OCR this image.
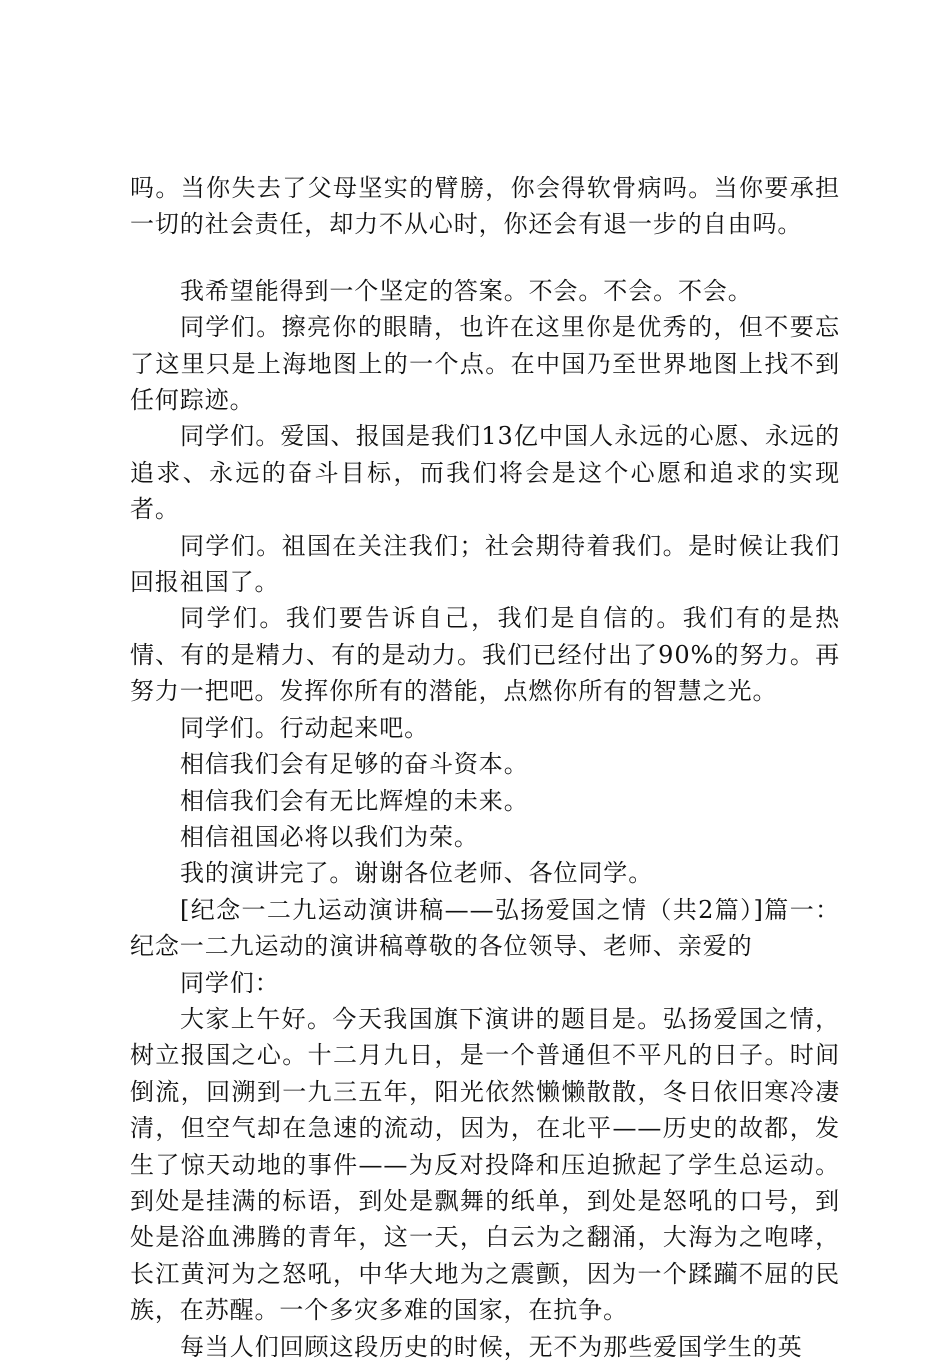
吗。当你失去了父母坚实的臂膀，你会得软骨病吗。当你要承担一切的社会责任，却力不从心时，你还会有退一步的自由吗。

我希望能得到一个坚定的答案。不会。不会。不会。

同学们。擦亮你的眼睛，也许在这里你是优秀的，但不要忘了这里只是上海地图上的一个点。在中国乃至世界地图上找不到任何踪迹。

同学们。爱国、报国是我们13亿中国人永远的心愿、永远的追求、永远的奋斗目标，而我们将会是这个心愿和追求的实现者。

同学们。祖国在关注我们；社会期待着我们。是时候让我们回报祖国了。

同学们。我们要告诉自己，我们是自信的。我们有的是热情、有的是精力、有的是动力。我们已经付出了90%的努力。再努力一把吧。发挥你所有的潜能，点燃你所有的智慧之光。

同学们。行动起来吧。

相信我们会有足够的奋斗资本。

相信我们会有无比辉煌的未来。

相信祖国必将以我们为荣。

我的演讲完了。谢谢各位老师、各位同学。

[纪念一二九运动演讲稿——弘扬爱国之情（共2篇）]篇一：纪念一二九运动的演讲稿尊敬的各位领导、老师、亲爱的

同学们：

大家上午好。今天我国旗下演讲的题目是。弘扬爱国之情，树立报国之心。十二月九日，是一个普通但不平凡的日子。时间倒流，回溯到一九三五年，阳光依然懒懒散散，冬日依旧寒冷凄清，但空气却在急速的流动，因为，在北平——历史的故都，发生了惊天动地的事件——为反对投降和压迫掀起了学生总运动。到处是挂满的标语，到处是飘舞的纸单，到处是怒吼的口号，到处是浴血沸腾的青年，这一天，白云为之翻涌，大海为之咆哮，长江黄河为之怒吼，中华大地为之震颤，因为一个蹂躏不屈的民族，在苏醒。一个多灾多难的国家，在抗争。

每当人们回顾这段历史的时候，无不为那些爱国学生的英
